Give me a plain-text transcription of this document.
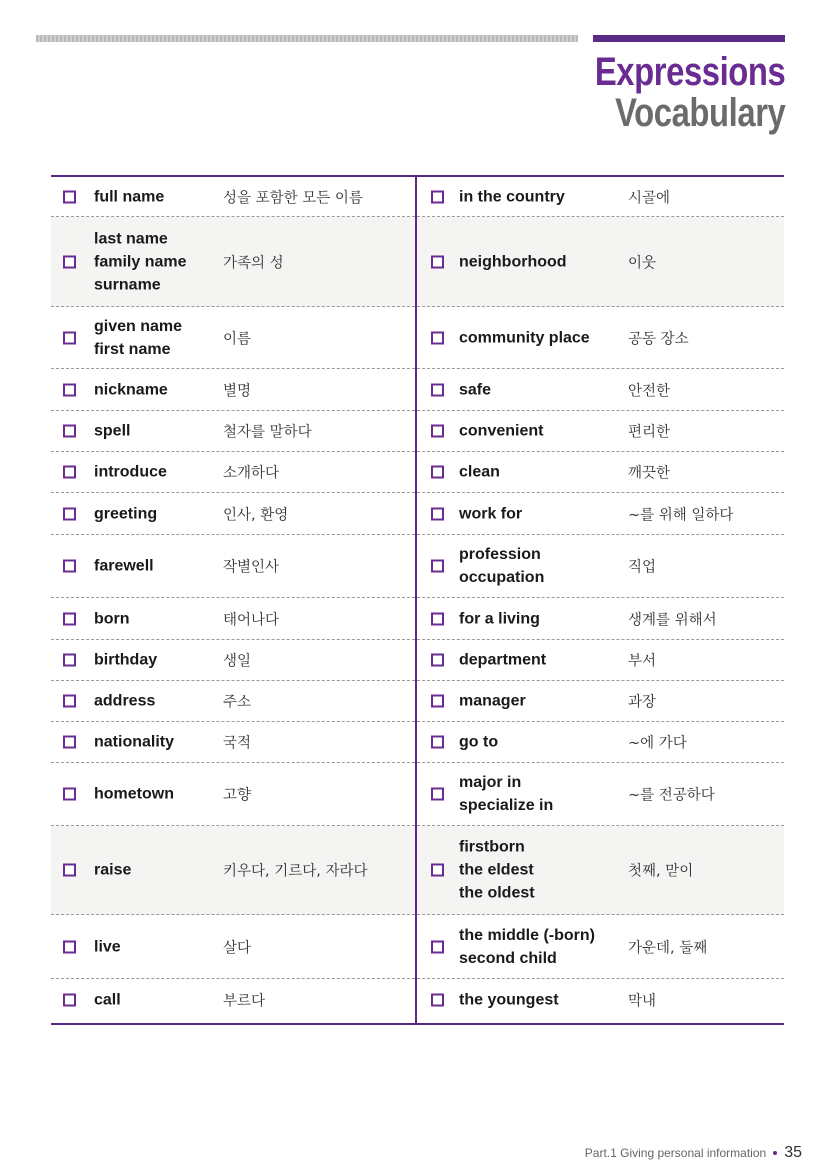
Expressions
Vocabulary
full name	성을 포함한 모든 이름
last name
family name
surname
가족의 성
given name
first name
이름
nickname	별명
spell	철자를 말하다
introduce	소개하다
greeting	인사, 환영
farewell	작별인사
born	태어나다
birthday	생일
address	주소
nationality	국적
hometown	고향
raise	키우다, 기르다, 자라다
live	살다
call	부르다
in the country	시골에
neighborhood	이웃
community place	공동 장소
safe	안전한
convenient	편리한
clean	깨끗한
work for	~를 위해 일하다
profession
occupation
직업
for a living	생계를 위해서
department	부서
manager	과장
go to	~에 가다
major in
specialize in
~를 전공하다
firstborn
the eldest
the oldest
첫째, 맏이
the middle (-born)
second child
가운데, 둘째
the youngest	막내
Part.1 Giving personal information 35
